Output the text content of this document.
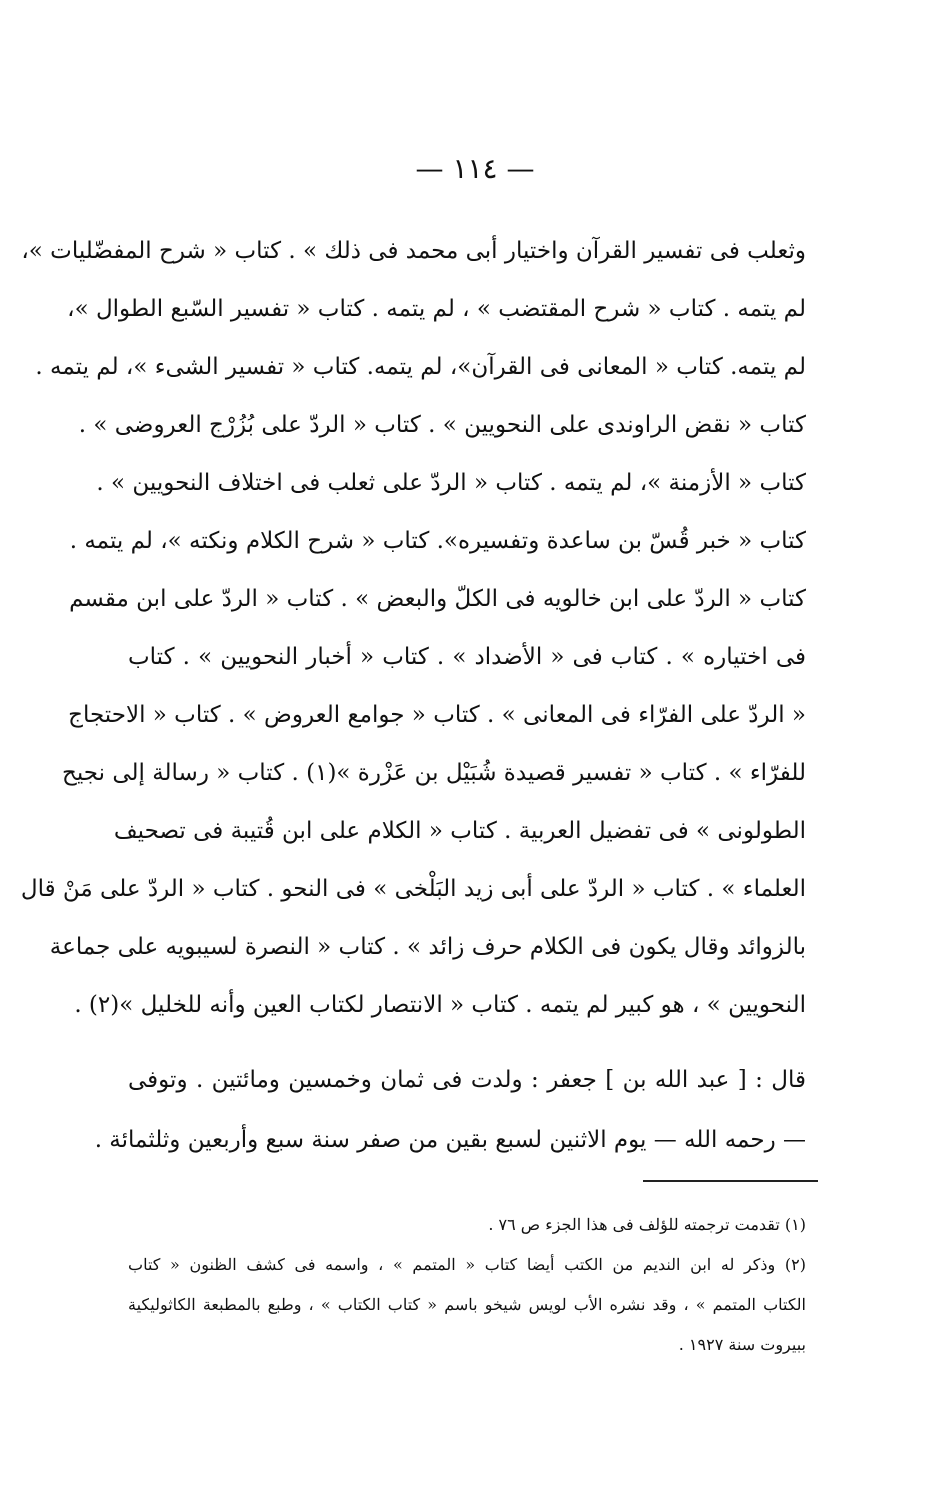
— ١١٤ —
وثعلب فى تفسير القرآن واختيار أبى محمد فى ذلك » . كتاب « شرح المفضّليات »،
لم يتمه . كتاب « شرح المقتضب » ، لم يتمه . كتاب « تفسير السّبع الطوال »،
لم يتمه. كتاب « المعانى فى القرآن»، لم يتمه. كتاب « تفسير الشىء »، لم يتمه .
كتاب « نقض الراوندى على النحويين » . كتاب « الردّ على بُزُرْج العروضى » .
كتاب « الأزمنة »، لم يتمه . كتاب « الردّ على ثعلب فى اختلاف النحويين » .
كتاب « خبر قُسّ بن ساعدة وتفسيره». كتاب « شرح الكلام ونكته »، لم يتمه .
كتاب « الردّ على ابن خالويه فى الكلّ والبعض » . كتاب « الردّ على ابن مقسم
فى اختياره » . كتاب فى « الأضداد » . كتاب « أخبار النحويين » . كتاب
« الردّ على الفرّاء فى المعانى » . كتاب « جوامع العروض » . كتاب « الاحتجاج
للفرّاء » . كتاب « تفسير قصيدة شُبَيْل بن عَزْرة »(١) . كتاب « رسالة إلى نجيح
الطولونى » فى تفضيل العربية . كتاب « الكلام على ابن قُتيبة فى تصحيف
العلماء » . كتاب « الردّ على أبى زيد البَلْخى » فى النحو . كتاب « الردّ على مَنْ قال
بالزوائد وقال يكون فى الكلام حرف زائد » . كتاب « النصرة لسيبويه على جماعة
النحويين » ، هو كبير لم يتمه . كتاب « الانتصار لكتاب العين وأنه للخليل »(٢) .
قال : [ عبد الله بن ] جعفر : ولدت فى ثمان وخمسين ومائتين . وتوفى
— رحمه الله — يوم الاثنين لسبع بقين من صفر سنة سبع وأربعين وثلثمائة .
(١) تقدمت ترجمته للؤلف فى هذا الجزء ص ٧٦ .
(٢) وذكر له ابن النديم من الكتب أيضا كتاب « المتمم » ، واسمه فى كشف الظنون « كتاب
الكتاب المتمم » ، وقد نشره الأب لويس شيخو باسم « كتاب الكتاب » ، وطبع بالمطبعة الكاثوليكية
ببيروت سنة ١٩٢٧ .
